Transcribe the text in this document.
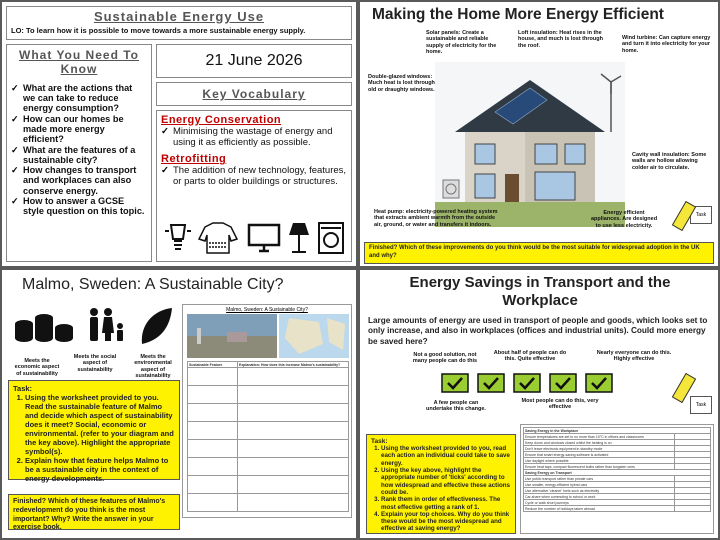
Sustainable Energy Use
LO: To learn how it is possible to move towards a more sustainable energy supply.
What You Need To Know
✓ What are the actions that we can take to reduce energy consumption?
✓ How can our homes be made more energy efficient?
✓ What are the features of a sustainable city?
✓ How changes to transport and workplaces can also conserve energy.
✓ How to answer a GCSE style question on this topic.
21 June 2026
Key Vocabulary
Energy Conservation
✓ Minimising the wastage of energy and using it as efficiently as possible.
Retrofitting
✓ The addition of new technology, features, or parts to older buildings or structures.
Making the Home More Energy Efficient
Solar panels: Create a sustainable and reliable supply of electricity for the home.
Loft insulation: Heat rises in the house, and much is lost through the roof.
Wind turbine: Can capture energy and turn it into electricity for your home.
Double-glazed windows: Much heat is lost through old or draughty windows.
Cavity wall insulation: Some walls are hollow allowing colder air to circulate.
Heat pump: electricity-powered heating system that extracts ambient warmth from the outside air, ground, or water and transfers it indoors.
Energy efficient appliances. Are designed to use less electricity.
Task
Finished? Which of these improvements do you think would be the most suitable for widespread adoption in the UK and why?
Malmo, Sweden: A Sustainable City?
Meets the economic aspect of sustainability
Meets the social aspect of sustainability
Meets the environmental aspect of sustainability
Malmo, Sweden: A Sustainable City?
Sustainable Feature	Explanation: How does this increase Malmo's sustainability?

Task:
1. Using the worksheet provided to you. Read the sustainable feature of Malmo and decide which aspect of sustainability does it meet? Social, economic or environmental. (refer to your diagram and the key above). Highlight the appropriate symbol(s).
2. Explain how that feature helps Malmo to be a sustainable city in the context of energy developments.
Finished? Which of these features of Malmo's redevelopment do you think is the most important? Why? Write the answer in your exercise book.
Energy Savings in Transport and the Workplace
Large amounts of energy are used in transport of people and goods, which looks set to only increase, and also in workplaces (offices and industrial units). Could more energy be saved here?
Not a good solution, not many people can do this
About half of people can do this. Quite effective
Nearly everyone can do this. Highly effective
A few people can undertake this change.
Most people can do this, very effective	Task
Task:
1. Using the worksheet provided to you, read each action an individual could take to save energy.
2. Using the key above, highlight the appropriate number of 'ticks' according to how widespread and effective these actions could be.
3. Rank them in order of effectiveness. The most effective getting a rank of 1.
4. Explain your top choices. Why do you think these would be the most widespread and effective at saving energy?
Saving Energy in the Workplace	
Ensure temperatures are set to no more than 19°C in offices and classrooms	
Keep doors and windows closed whilst the heating is on	
Don't leave electronic equipment in standby mode	
Ensure that smart energy-saving software is activated	
Use daylight where possible	
Ensure heat taps, compact fluorescent bulbs rather than tungsten ones	
Saving Energy on Transport	
Use public transport rather than private cars	
Use smaller, energy-efficient hybrid cars	
Use alternative 'cleaner' fuels such as electricity	
Car-share when commuting to school or work	
Cycle or walk short journeys	
Reduce the number of holidays taken abroad	
